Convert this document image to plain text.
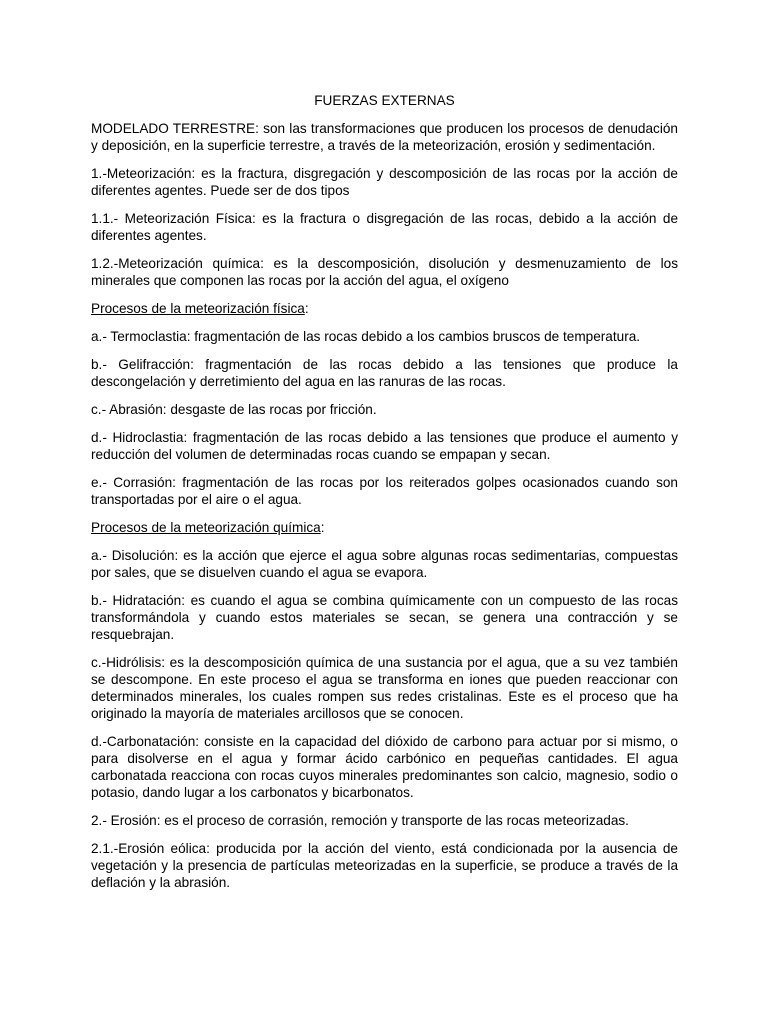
FUERZAS EXTERNAS

MODELADO TERRESTRE: son las transformaciones que producen los procesos de denudación y deposición, en la superficie terrestre, a través de la meteorización, erosión y sedimentación.

1.-Meteorización: es la fractura, disgregación y descomposición de las rocas por la acción de diferentes agentes. Puede ser de dos tipos

1.1.- Meteorización Física: es la fractura o disgregación de las rocas, debido a la acción de diferentes agentes.

1.2.-Meteorización química: es la descomposición, disolución y desmenuzamiento de los minerales que componen las rocas por la acción del agua, el oxígeno

Procesos de la meteorización física:

a.- Termoclastia: fragmentación de las rocas debido a los cambios bruscos de temperatura.

b.- Gelifracción: fragmentación de las rocas debido a las tensiones que produce la descongelación y derretimiento del agua en las ranuras de las rocas.

c.- Abrasión: desgaste de las rocas por fricción.

d.- Hidroclastia: fragmentación de las rocas debido a las tensiones que produce el aumento y reducción del volumen de determinadas rocas cuando se empapan y secan.

e.- Corrasión: fragmentación de las rocas por los reiterados golpes ocasionados cuando son transportadas por el aire o el agua.

Procesos de la meteorización química:

a.- Disolución: es la acción que ejerce el agua sobre algunas rocas sedimentarias, compuestas por sales, que se disuelven cuando el agua se evapora.

b.- Hidratación: es cuando el agua se combina químicamente con un compuesto de las rocas transformándola y cuando estos materiales se secan, se genera una contracción y se resquebrajan.

c.-Hidrólisis: es la descomposición química de una sustancia por el agua, que a su vez también se descompone. En este proceso el agua se transforma en iones que pueden reaccionar con determinados minerales, los cuales rompen sus redes cristalinas. Este es el proceso que ha originado la mayoría de materiales arcillosos que se conocen.

d.-Carbonatación: consiste en la capacidad del dióxido de carbono para actuar por si mismo, o para disolverse en el agua y formar ácido carbónico en pequeñas cantidades. El agua carbonatada reacciona con rocas cuyos minerales predominantes son calcio, magnesio, sodio o potasio, dando lugar a los carbonatos y bicarbonatos.

2.- Erosión: es el proceso de corrasión, remoción y transporte de las rocas meteorizadas.

2.1.-Erosión eólica: producida por la acción del viento, está condicionada por la ausencia de vegetación y la presencia de partículas meteorizadas en la superficie, se produce a través de la deflación y la abrasión.
